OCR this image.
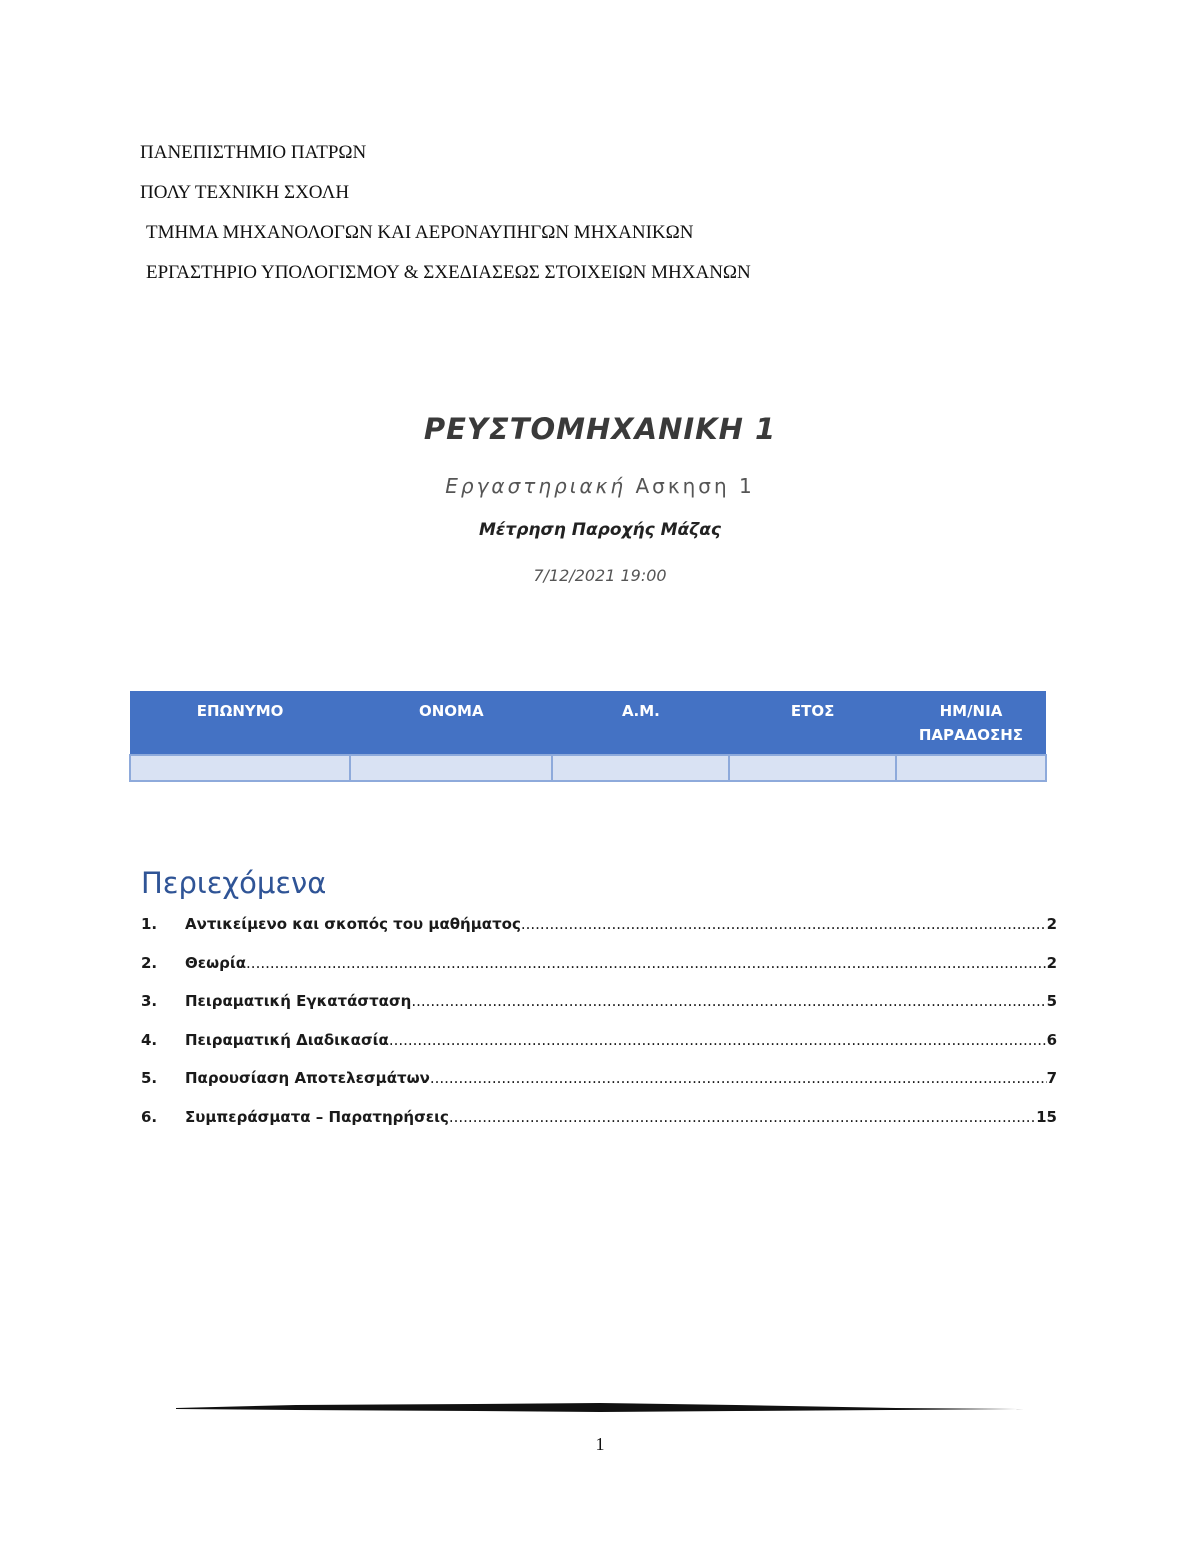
ΠΑΝΕΠΙΣΤΗΜΙΟ ΠΑΤΡΩΝ
ΠΟΛΥ ΤΕΧΝΙΚΗ ΣΧΟΛΗ
ΤΜΗΜΑ ΜΗΧΑΝΟΛΟΓΩΝ ΚΑΙ ΑΕΡΟΝΑΥΠΗΓΩΝ ΜΗΧΑΝΙΚΩΝ
ΕΡΓΑΣΤΗΡΙΟ ΥΠΟΛΟΓΙΣΜΟΥ & ΣΧΕΔΙΑΣΕΩΣ ΣΤΟΙΧΕΙΩΝ ΜΗΧΑΝΩΝ
ΡΕΥΣΤΟΜΗΧΑΝΙΚΗ 1
Εργαστηριακή Ασκηση 1
Μέτρηση Παροχής Μάζας
7/12/2021 19:00
ΕΠΩΝΥΜΟ	ΟΝΟΜΑ	Α.Μ.	ΕΤΟΣ	ΗΜ/ΝΙΑ ΠΑΡΑΔΟΣΗΣ

Περιεχόμενα
1.	Αντικείμενο και σκοπός του μαθήματος .....	2
2.	Θεωρία .....	2
3.	Πειραματική Εγκατάσταση .....	5
4.	Πειραματική Διαδικασία .....	6
5.	Παρουσίαση Αποτελεσμάτων .....	7
6.	Συμπεράσματα – Παρατηρήσεις .....	15
1
